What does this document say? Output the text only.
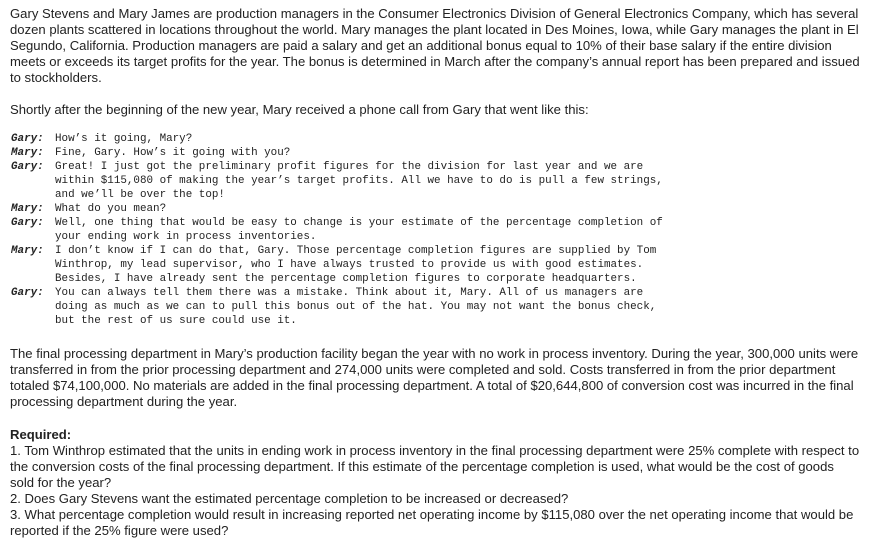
Gary Stevens and Mary James are production managers in the Consumer Electronics Division of General Electronics Company, which has several dozen plants scattered in locations throughout the world. Mary manages the plant located in Des Moines, Iowa, while Gary manages the plant in El Segundo, California. Production managers are paid a salary and get an additional bonus equal to 10% of their base salary if the entire division meets or exceeds its target profits for the year. The bonus is determined in March after the company’s annual report has been prepared and issued to stockholders.

Shortly after the beginning of the new year, Mary received a phone call from Gary that went like this:

Gary:	How’s it going, Mary?
Mary:	Fine, Gary. How’s it going with you?
Gary:	Great! I just got the preliminary profit figures for the division for last year and we are within $115,080 of making the year’s target profits. All we have to do is pull a few strings, and we’ll be over the top!
Mary:	What do you mean?
Gary:	Well, one thing that would be easy to change is your estimate of the percentage completion of your ending work in process inventories.
Mary:	I don’t know if I can do that, Gary. Those percentage completion figures are supplied by Tom Winthrop, my lead supervisor, who I have always trusted to provide us with good estimates. Besides, I have already sent the percentage completion figures to corporate headquarters.
Gary:	You can always tell them there was a mistake. Think about it, Mary. All of us managers are doing as much as we can to pull this bonus out of the hat. You may not want the bonus check, but the rest of us sure could use it.

The final processing department in Mary’s production facility began the year with no work in process inventory. During the year, 300,000 units were transferred in from the prior processing department and 274,000 units were completed and sold. Costs transferred in from the prior department totaled $74,100,000. No materials are added in the final processing department. A total of $20,644,800 of conversion cost was incurred in the final processing department during the year.

Required:

1. Tom Winthrop estimated that the units in ending work in process inventory in the final processing department were 25% complete with respect to the conversion costs of the final processing department. If this estimate of the percentage completion is used, what would be the cost of goods sold for the year?

2. Does Gary Stevens want the estimated percentage completion to be increased or decreased?

3. What percentage completion would result in increasing reported net operating income by $115,080 over the net operating income that would be reported if the 25% figure were used?
